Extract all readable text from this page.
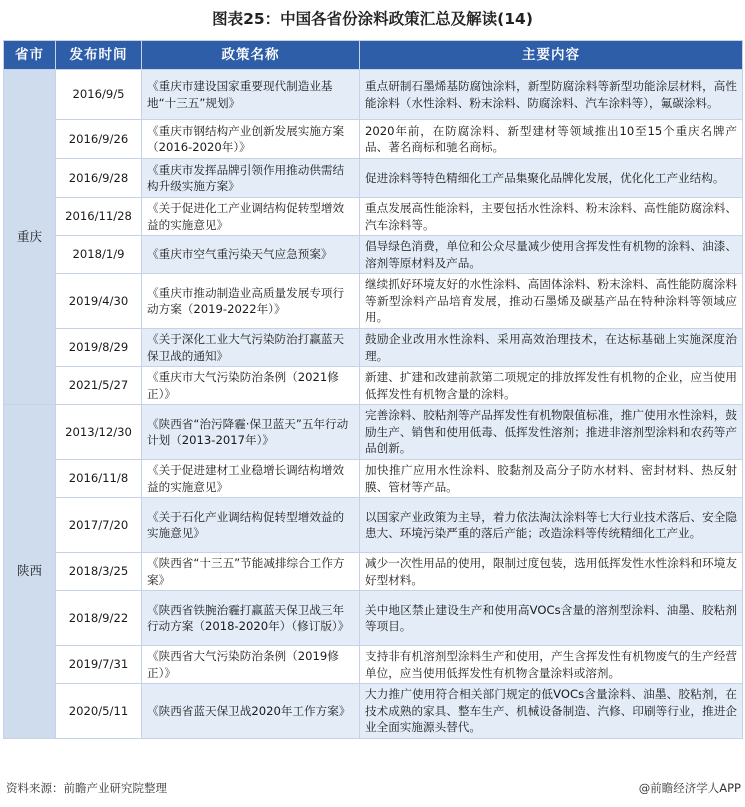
图表25：中国各省份涂料政策汇总及解读(14)
省市	发布时间	政策名称	主要内容
重庆	2016/9/5	《重庆市建设国家重要现代制造业基地“十三五”规划》	重点研制石墨烯基防腐蚀涂料，新型防腐涂料等新型功能涂层材料，高性能涂料（水性涂料、粉末涂料、防腐涂料、汽车涂料等），氟碳涂料。
	2016/9/26	《重庆市钢结构产业创新发展实施方案（2016-2020年）》	2020年前，在防腐涂料、新型建材等领域推出10至15个重庆名牌产品、著名商标和驰名商标。
	2016/9/28	《重庆市发挥品牌引领作用推动供需结构升级实施方案》	促进涂料等特色精细化工产品集聚化品牌化发展，优化化工产业结构。
	2016/11/28	《关于促进化工产业调结构促转型增效益的实施意见》	重点发展高性能涂料，主要包括水性涂料、粉末涂料、高性能防腐涂料、汽车涂料等。
	2018/1/9	《重庆市空气重污染天气应急预案》	倡导绿色消费，单位和公众尽量减少使用含挥发性有机物的涂料、油漆、溶剂等原材料及产品。
	2019/4/30	《重庆市推动制造业高质量发展专项行动方案（2019-2022年）》	继续抓好环境友好的水性涂料、高固体涂料、粉末涂料、高性能防腐涂料等新型涂料产品培育发展，推动石墨烯及碳基产品在特种涂料等领域应用。
	2019/8/29	《关于深化工业大气污染防治打赢蓝天保卫战的通知》	鼓励企业改用水性涂料、采用高效治理技术，在达标基础上实施深度治理。
	2021/5/27	《重庆市大气污染防治条例（2021修正）》	新建、扩建和改建前款第二项规定的排放挥发性有机物的企业，应当使用低挥发性有机物含量的涂料。
陕西	2013/12/30	《陕西省“治污降霾·保卫蓝天”五年行动计划（2013-2017年）》	完善涂料、胶粘剂等产品挥发性有机物限值标准，推广使用水性涂料，鼓励生产、销售和使用低毒、低挥发性溶剂；推进非溶剂型涂料和农药等产品创新。
	2016/11/8	《关于促进建材工业稳增长调结构增效益的实施意见》	加快推广应用水性涂料、胶黏剂及高分子防水材料、密封材料、热反射膜、管材等产品。
	2017/7/20	《关于石化产业调结构促转型增效益的实施意见》	以国家产业政策为主导，着力依法淘汰涂料等七大行业技术落后、安全隐患大、环境污染严重的落后产能；改造涂料等传统精细化工产业。
	2018/3/25	《陕西省“十三五”节能减排综合工作方案》	减少一次性用品的使用，限制过度包装，选用低挥发性水性涂料和环境友好型材料。
	2018/9/22	《陕西省铁腕治霾打赢蓝天保卫战三年行动方案（2018-2020年）（修订版）》	关中地区禁止建设生产和使用高VOCs含量的溶剂型涂料、油墨、胶粘剂等项目。
	2019/7/31	《陕西省大气污染防治条例（2019修正）》	支持非有机溶剂型涂料生产和使用，产生含挥发性有机物废气的生产经营单位，应当使用低挥发性有机物含量涂料或溶剂。
	2020/5/11	《陕西省蓝天保卫战2020年工作方案》	大力推广使用符合相关部门规定的低VOCs含量涂料、油墨、胶粘剂，在技术成熟的家具、整车生产、机械设备制造、汽修、印刷等行业，推进企业全面实施源头替代。
资料来源：前瞻产业研究院整理	@前瞻经济学人APP
